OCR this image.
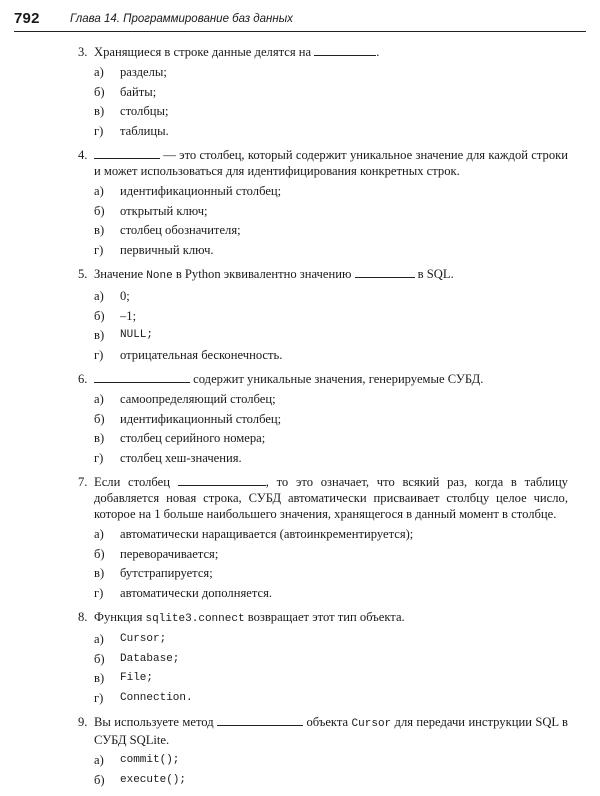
792	Глава 14. Программирование баз данных
3. Хранящиеся в строке данные делятся на	.
а) разделы;
б) байты;
в) столбцы;
г) таблицы.
4.	— это столбец, который содержит уникальное значение для каждой строки и может использоваться для идентифицирования конкретных строк.
а) идентификационный столбец;
б) открытый ключ;
в) столбец обозначителя;
г) первичный ключ.
5. Значение None в Python эквивалентно значению	в SQL.
а) 0;
б) –1;
в) NULL;
г) отрицательная бесконечность.
6.	содержит уникальные значения, генерируемые СУБД.
а) самоопределяющий столбец;
б) идентификационный столбец;
в) столбец серийного номера;
г) столбец хеш-значения.
7. Если столбец	, то это означает, что всякий раз, когда в таблицу добавляется новая строка, СУБД автоматически присваивает столбцу целое число, которое на 1 больше наибольшего значения, хранящегося в данный момент в столбце.
а) автоматически наращивается (автоинкрементируется);
б) переворачивается;
в) бутстрапируется;
г) автоматически дополняется.
8. Функция sqlite3.connect возвращает этот тип объекта.
а) Cursor;
б) Database;
в) File;
г) Connection.
9. Вы используете метод	объекта Cursor для передачи инструкции SQL в СУБД SQLite.
а) commit();
б) execute();
